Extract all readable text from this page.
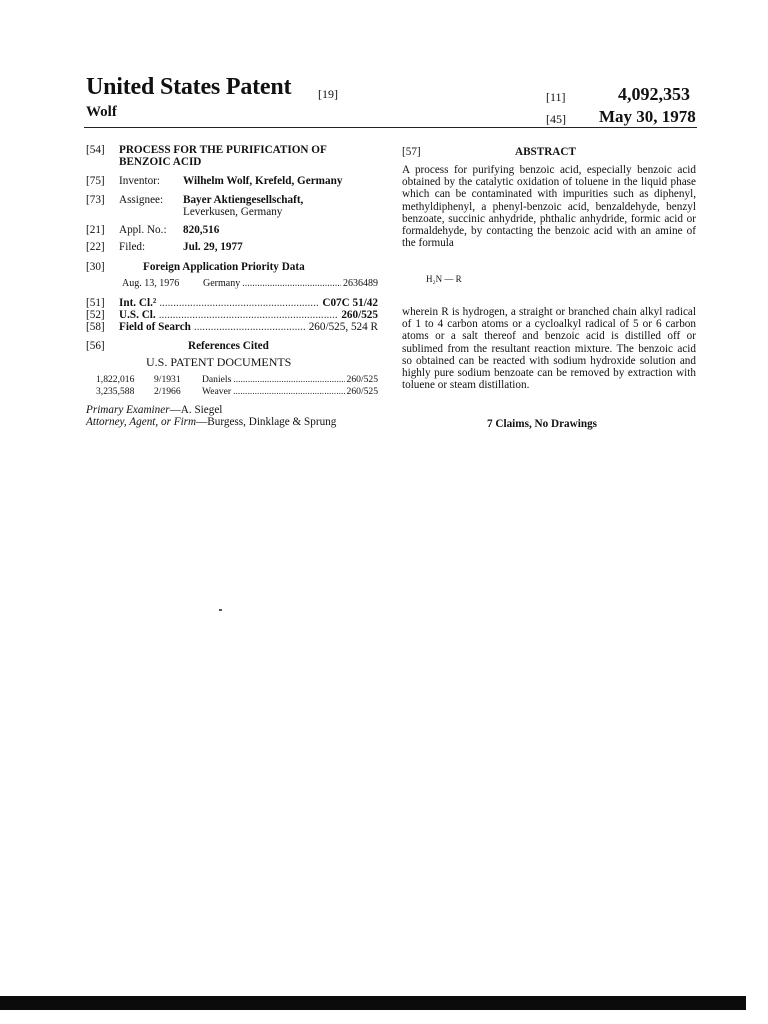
United States Patent [19]
Wolf
[11]	4,092,353
[45] May 30, 1978
[54] PROCESS FOR THE PURIFICATION OF
BENZOIC ACID
[75] Inventor: Wilhelm Wolf, Krefeld, Germany
[73] Assignee: Bayer Aktiengesellschaft,
Leverkusen, Germany
[21] Appl. No.: 820,516
[22] Filed:	Jul. 29, 1977
[30]	Foreign Application Priority Data
Aug. 13, 1976	Germany .....	2636489
[51] Int. Cl.² .....	C07C 51/42
[52] U.S. Cl. .....	260/525
[58] Field of Search .....	260/525, 524 R
[56]	References Cited
U.S. PATENT DOCUMENTS
1,822,016	9/1931	Daniels .....	260/525
3,235,588	2/1966	Weaver .....	260/525
Primary Examiner—A. Siegel
Attorney, Agent, or Firm—Burgess, Dinklage & Sprung
[57]	ABSTRACT
A process for purifying benzoic acid, especially benzoic acid obtained by the catalytic oxidation of toluene in the liquid phase which can be contaminated with impurities such as diphenyl, methyldiphenyl, a phenyl-benzoic acid, benzaldehyde, benzyl benzoate, succinic anhydride, phthalic anhydride, formic acid or formaldehyde, by contacting the benzoic acid with an amine of the formula
H₂N — R
wherein R is hydrogen, a straight or branched chain alkyl radical of 1 to 4 carbon atoms or a cycloalkyl radical of 5 or 6 carbon atoms or a salt thereof and benzoic acid is distilled off or sublimed from the resultant reaction mixture. The benzoic acid so obtained can be reacted with sodium hydroxide solution and highly pure sodium benzoate can be removed by extraction with toluene or steam distillation.
7 Claims, No Drawings
